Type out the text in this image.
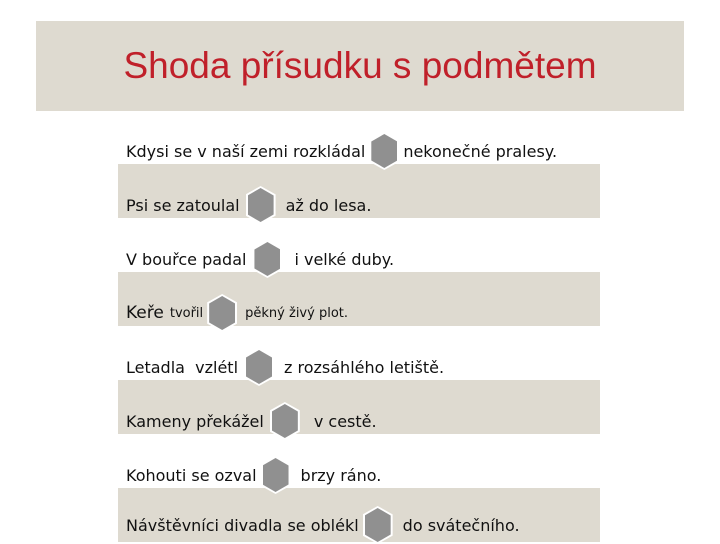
Shoda přísudku s podmětem
Kdysi se v naší zemi rozkládal nekonečné pralesy.
Psi se zatoulal	až do lesa.
V bouřce padal	i velké duby.
Keře tvořil	pěkný živý plot.
Letadla  vzlétl	z rozsáhlého letiště.
Kameny překážel	v cestě.
Kohouti se ozval	brzy ráno.
Návštěvníci divadla se oblékl	do svátečního.
